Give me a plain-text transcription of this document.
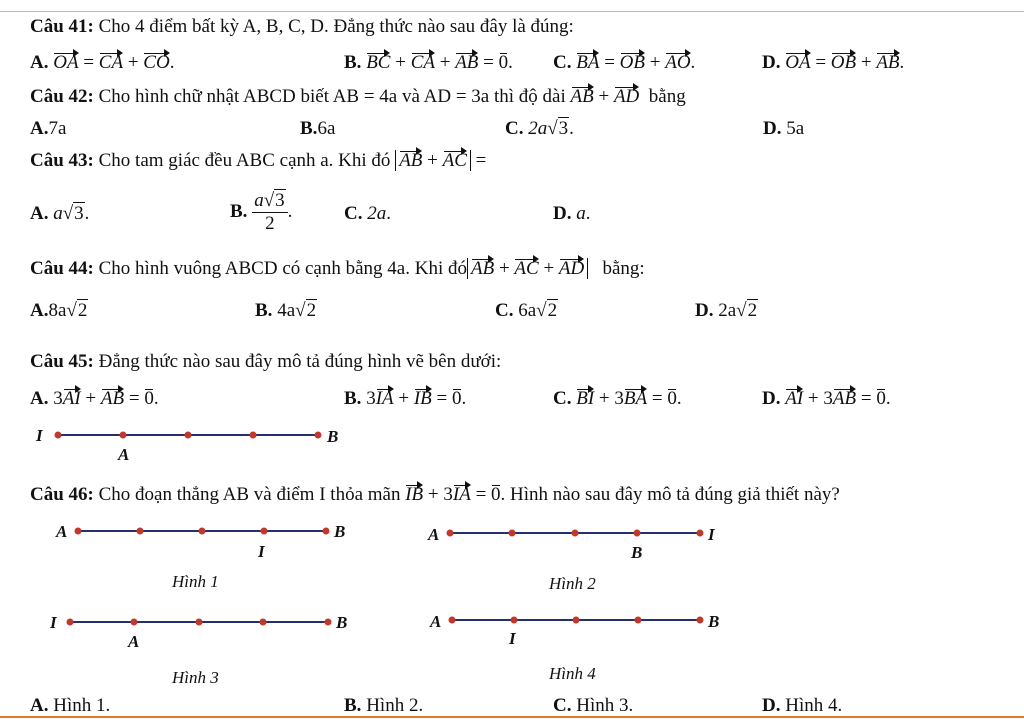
Câu 41: Cho 4 điểm bất kỳ A, B, C, D. Đẳng thức nào sau đây là đúng:
A. OA = CA + CO.	B. BC + CA + AB = 0. C. BA = OB + AO.	D. OA = OB + AB.
Câu 42: Cho hình chữ nhật ABCD biết AB = 4a và AD = 3a thì độ dài AB + AD bằng
A.7a	B.6a	C. 2a√3.	D. 5a
Câu 43: Cho tam giác đều ABC cạnh a. Khi đó AB + AC =
A. a√3.	B. $\frac{a√3}{2}$ .	C. 2a.	D. a.
Câu 44: Cho hình vuông ABCD có cạnh bằng 4a. Khi đó AB + AC + AD bằng:
A.8a√2	B. 4a√2	C. 6a√2	D. 2a√2
Câu 45: Đẳng thức nào sau đây mô tả đúng hình vẽ bên dưới:
A. 3AI + AB = 0.	B. 3IA + IB = 0.	C. BI + 3BA = 0.	D. AI + 3AB = 0.
I	B
A
Câu 46: Cho đoạn thẳng AB và điểm I thỏa mãn IB + 3IA = 0. Hình nào sau đây mô tả đúng giả thiết này?
A	B
I
A	I
B
I	B
A
A	B
I
Hình 1	Hình 2
Hình 3	Hình 4
A. Hình 1.	B. Hình 2.	C. Hình 3.	D. Hình 4.
